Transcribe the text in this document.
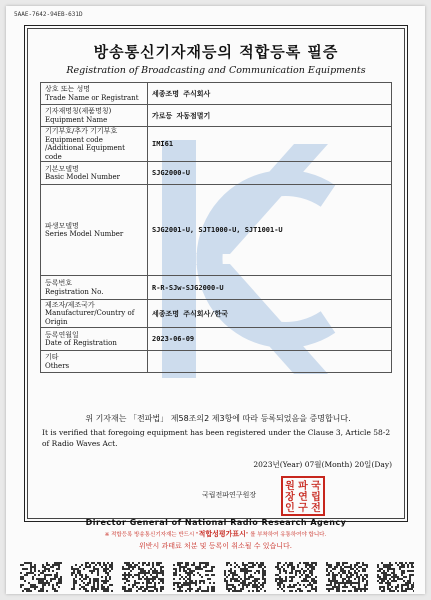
5AAE-7642-94EB-631D
방송통신기자재등의 적합등록 필증
Registration of Broadcasting and Communication Equipments
상호 또는 성명
Trade Name or Registrant	세종조명 주식회사

기자재명칭(제품명칭)
Equipment Name	가로등 자동점멸기

기기부호/추가 기기부호
Equipment code
/Additional Equipment code	IMI61

기본모델명
Basic Model Number	SJG2000-U

파생모델명
Series Model Number	SJG2001-U, SJT1000-U, SJT1001-U

등록번호
Registration No.	R-R-SJw-SJG2000-U

제조자/제조국가
Manufacturer/Country of Origin	세종조명 주식회사/한국

등록연월일
Date of Registration	2023-06-09

기타
Others	

위 기자재는 「전파법」 제58조의2 제3항에 따라 등록되었음을 증명합니다.
It is verified that foregoing equipment has been registered under the Clause 3, Article 58-2 of Radio Waves Act.
2023년(Year) 07월(Month) 20일(Day)
국립전파연구원장
국
립
전
파
연
구
원
장
인
Director General of National Radio Research Agency
※ 적합등록 방송통신기자재는 반드시 "적합성평가표시" 를 부착하여 유통하여야 합니다.
위반시 과태료 처분 및 등록이 취소될 수 있습니다.
